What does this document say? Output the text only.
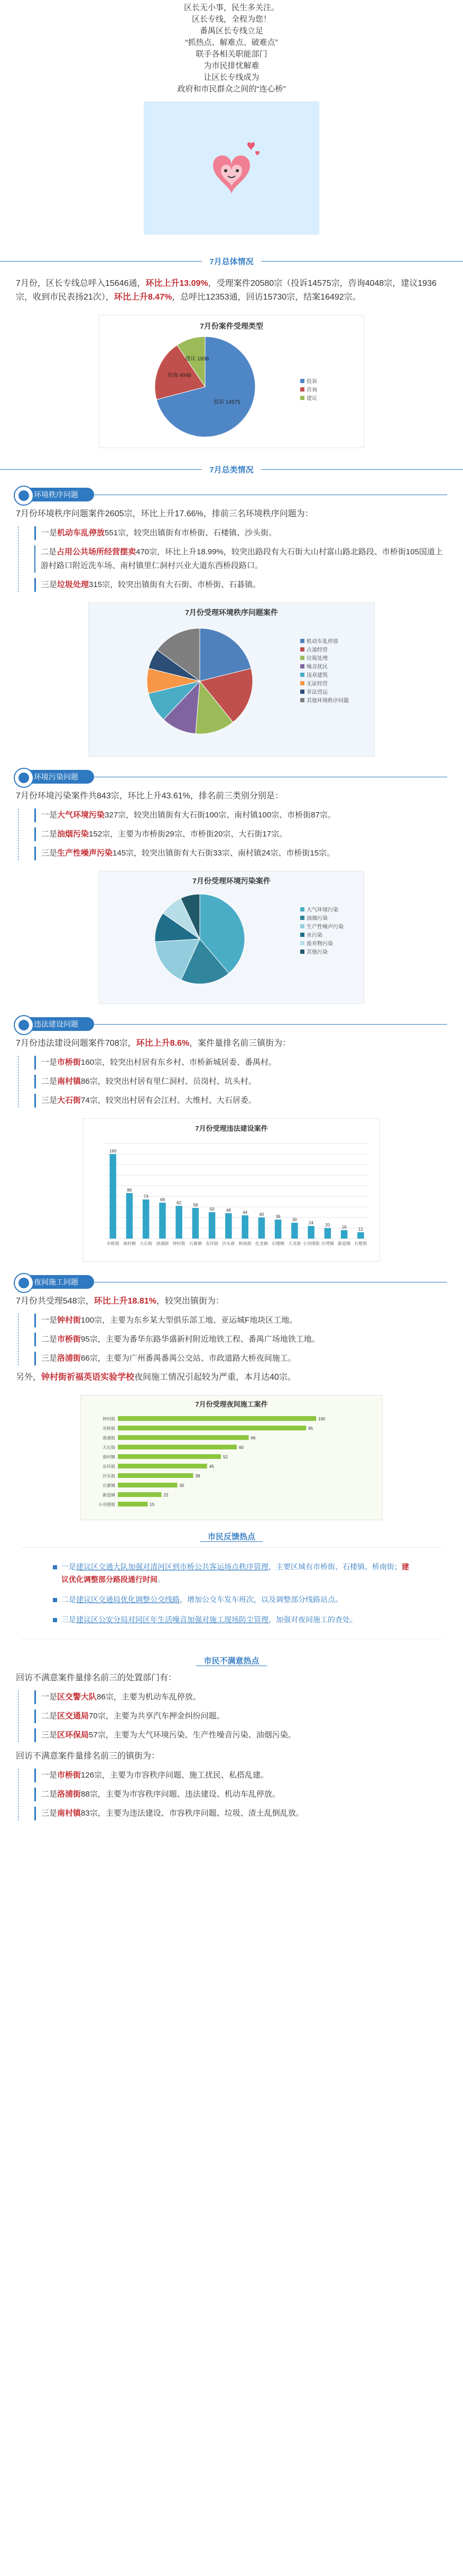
区长无小事，民生多关注。

区长专线，全程为您！

番禺区长专线立足

“抓热点、解难点、破难点”

联手各相关职能部门

为市民排忧解难

让区长专线成为

政府和市民群众之间的“连心桥”

7月总体情况

7月份，区长专线总呼入15646通，环比上升13.09%，受理案件20580宗（投诉14575宗，咨询4048宗，建议1936宗，收到市民表扬21次），环比上升8.47%，总呼比12353通，回访15730宗，结案16492宗。

7月份案件受理类型
投诉 14575
咨询 4048
建议 1936
投诉
咨询
建议
7月总类情况
环境秩序问题

7月份环境秩序问题案件2605宗，环比上升17.66%，排前三名环境秩序问题为：

一是机动车乱停放551宗，较突出镇街有市桥街、石楼镇、沙头街。
二是占用公共场所经营摆卖470宗，环比上升18.99%，较突出路段有大石街大山村富山路北路段、市桥街105国道上游村路口附近洗车场、南村镇里仁洞村兴业大道东西桥段路口。
三是垃圾处理315宗，较突出镇街有大石街、市桥街、石碁镇。
7月份受理环境秩序问题案件
机动车乱停放
占道经营
垃圾处理
噪音扰民
违章建筑
无证经营
非法营运
其他环境秩序问题
环境污染问题

7月份环境污染案件共843宗，环比上升43.61%，排名前三类别分别是：

一是大气环境污染327宗，较突出镇街有大石街100宗、南村镇100宗、市桥街87宗。
二是油烟污染152宗，主要为市桥街29宗、市桥街20宗、大石街17宗。
三是生产性噪声污染145宗，较突出镇街有大石街33宗、南村镇24宗、市桥街15宗。
7月份受理环境污染案件
大气环境污染
油烟污染
生产性噪声污染
水污染
废弃物污染
其他污染
违法建设问题

7月份违法建设问题案件708宗，环比上升8.6%，案件量排名前三镇街为：

一是市桥街160宗，较突出村居有东乡村、市桥新城居委、番禺村。
二是南村镇86宗，较突出村居有里仁洞村、员岗村、坑头村。
三是大石街74宗，较突出村居有会江村、大维村、大石居委。
7月份受理违法建设案件
市桥街
160
南村镇
86
大石街
74
洛浦街
68
钟村街
62
石碁镇
58
东环街
50
沙头街
48
桥南街
44
化龙镇
40
石楼镇
36
大龙街
30
小谷围街
24
沙湾镇
20
新造镇
16
石壁街
12
夜间施工问题

7月份共受理548宗，环比上升18.81%，较突出镇街为：

一是钟村街100宗，主要为东乡某大型俱乐部工地、亚运城F地块区工地。
二是市桥街95宗，主要为番华东路华盛新村附近地铁工程、番禺广场地铁工地。
三是洛浦街66宗，主要为广州番禺番禺公交站、市政道路大桥夜间施工。

另外，钟村街祈福英语实验学校夜间施工情况引起较为严重，本月达40宗。

7月份受理夜间施工案件
钟村街	100
市桥街	95
洛浦街	66
大石街	60
南村镇	52
东环街	45
沙头街	38
石碁镇	30
新造镇	22
小谷围街	15
市民反馈热点
一是建议区交通大队加强对清河区到市桥公共客运场点秩序管理，主要区域有市桥街、石楼镇、桥南街；建议优化调整部分路段通行时间。
二是建议区交通局优化调整公交线路，增加公交车发车班次，以及调整部分线路站点。
三是建议区公安分局对同区年生活噪音加强对施工现场防尘管理，加强对夜间施工的查处。
市民不满意热点

回访不满意案件量排名前三的处置部门有：

一是区交警大队86宗，主要为机动车乱停放。
二是区交通局70宗，主要为共享汽车押金纠纷问题。
三是区环保局57宗，主要为大气环境污染、生产性噪音污染、油烟污染。

回访不满意案件量排名前三的镇街为：

一是市桥街126宗，主要为市容秩序问题、施工扰民、私搭乱建。
二是洛浦街88宗，主要为市容秩序问题、违法建设、机动车乱停放。
三是南村镇83宗，主要为违法建设、市容秩序问题、垃圾、渣土乱倒乱放。
